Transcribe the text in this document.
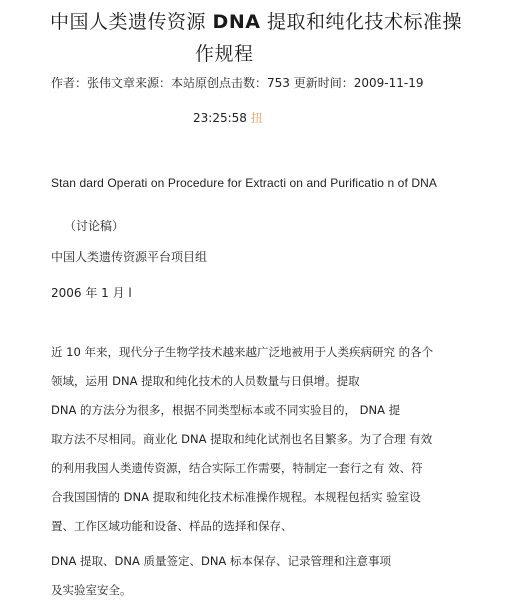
中国人类遗传资源 DNA 提取和纯化技术标准操
作规程
作者：张伟文章来源：本站原创点击数：753 更新时间：2009-11-19
23:25:58 扭
Stan dard Operati on Procedure for Extracti on and Purificatio n of DNA
（讨论稿）
中国人类遗传资源平台项目组
2006 年 1 月 l
近 10 年来，现代分子生物学技术越来越广泛地被用于人类疾病研究 的各个
领域，运用 DNA 提取和纯化技术的人员数量与日俱增。提取
DNA 的方法分为很多，根据不同类型标本或不同实验目的， DNA 提
取方法不尽相同。商业化 DNA 提取和纯化试剂也名目繁多。为了合理 有效
的利用我国人类遗传资源，结合实际工作需要，特制定一套行之有 效、符
合我国国情的 DNA 提取和纯化技术标准操作规程。本规程包括实 验室设
置、工作区域功能和设备、样品的选择和保存、
DNA 提取、DNA 质量签定、DNA 标本保存、记录管理和注意事项
及实验室安全。
